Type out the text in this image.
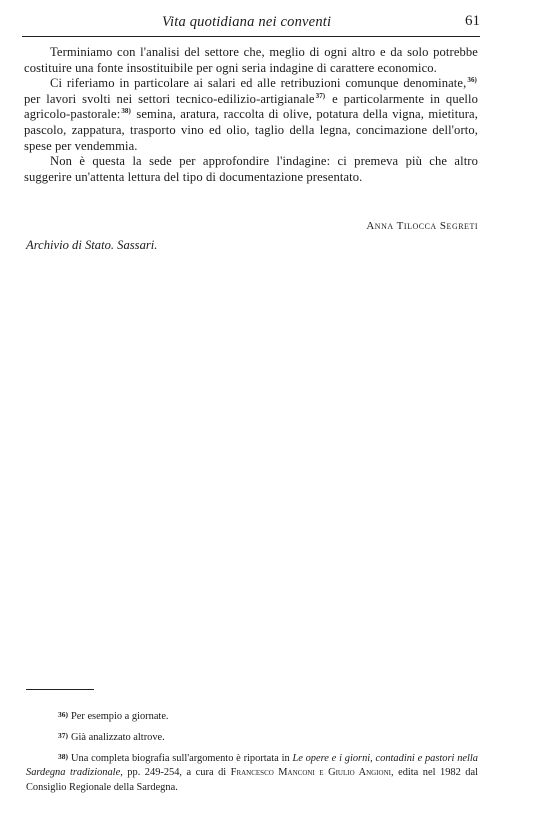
Vita quotidiana nei conventi	61

Terminiamo con l'analisi del settore che, meglio di ogni altro e da solo potrebbe costituire una fonte insostituibile per ogni seria indagine di carattere economico.

Ci riferiamo in particolare ai salari ed alle retribuzioni comunque denominate,$^{36)}$ per lavori svolti nei settori tecnico-edilizio-artigianale$^{37)}$ e particolarmente in quello agricolo-pastorale:$^{38)}$ semina, aratura, raccolta di olive, potatura della vigna, mietitura, pascolo, zappatura, trasporto vino ed olio, taglio della legna, concimazione dell'orto, spese per vendemmia.

Non è questa la sede per approfondire l'indagine: ci premeva più che altro suggerire un'attenta lettura del tipo di documentazione presentato.

Anna Tilocca Segreti
Archivio di Stato. Sassari.

36) Per esempio a giornate.

37) Già analizzato altrove.

38) Una completa biografia sull'argomento è riportata in Le opere e i giorni, contadini e pastori nella Sardegna tradizionale, pp. 249-254, a cura di Francesco Manconi e Giulio Angioni, edita nel 1982 dal Consiglio Regionale della Sardegna.
